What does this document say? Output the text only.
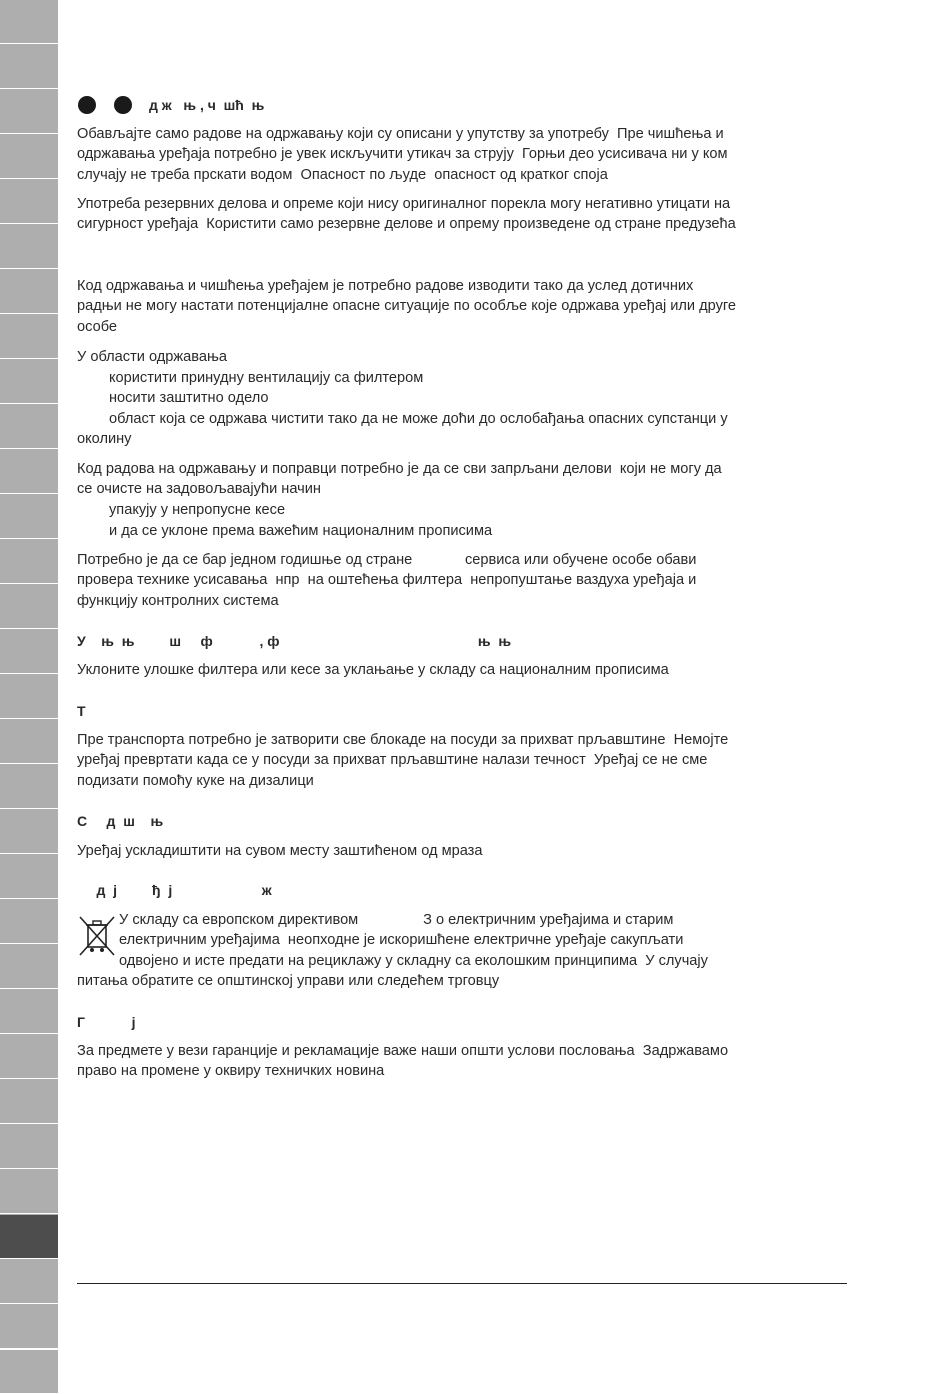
д ж   њ , ч  шћ  њ

Обављајте само радове на одржавању који су описани у упутству за употребу  Пре чишћења и
одржавања уређаја потребно је увек искључити утикач за струју  Горњи део усисивача ни у ком
случају не треба прскати водом  Опасност по људе  опасност од кратког споја

Употреба резервних делова и опреме који нису оригиналног порекла могу негативно утицати на
сигурност уређаја  Користити само резервне делове и опрему произведене од стране предузећа

Код одржавања и чишћења уређајем је потребно радове изводити тако да услед дотичних
радњи не могу настати потенцијалне опасне ситуације по особље које одржава уређај или друге
особе

У области одржавања

користити принудну вентилацију са филтером

носити заштитно одело

област која се одржава чистити тако да не може доћи до ослобађања опасних супстанци у

околину

Код радова на одржавању и поправци потребно је да се сви запрљани делови  који не могу да
се очисте на задовољавајући начин

упакују у непропусне кесе

и да се уклоне према важећим националним прописима

Потребно је да се бар једном годишње од стране             сервиса или обучене особе обави
провера технике усисавања  нпр  на оштећења филтера  непропуштање ваздуха уређаја и
функцију контролних система

У    њ  њ         ш     ф            , ф                                                   њ  њ

Уклоните улошке филтера или кесе за уклањање у складу са националним прописима

Т

Пре транспорта потребно је затворити све блокаде на посуди за прихват прљавштине  Немојте
уређај превртати када се у посуди за прихват прљавштине налази течност  Уређај се не сме
подизати помоћу куке на дизалици

С     д  ш    њ

Уређај ускладиштити на сувом месту заштићеном од мраза

д  ј         ђ  ј                       ж

У складу са европском директивом                З о електричним уређајима и старим

електричним уређајима  неопходне је искоришћене електричне уређаје сакупљати

одвојено и исте предати на рециклажу у складну са еколошким принципима  У случају

питања обратите се општинској управи или следећем трговцу

Г            ј

За предмете у вези гаранције и рекламације важе наши општи услови пословања  Задржавамо
право на промене у оквиру техничких новина
